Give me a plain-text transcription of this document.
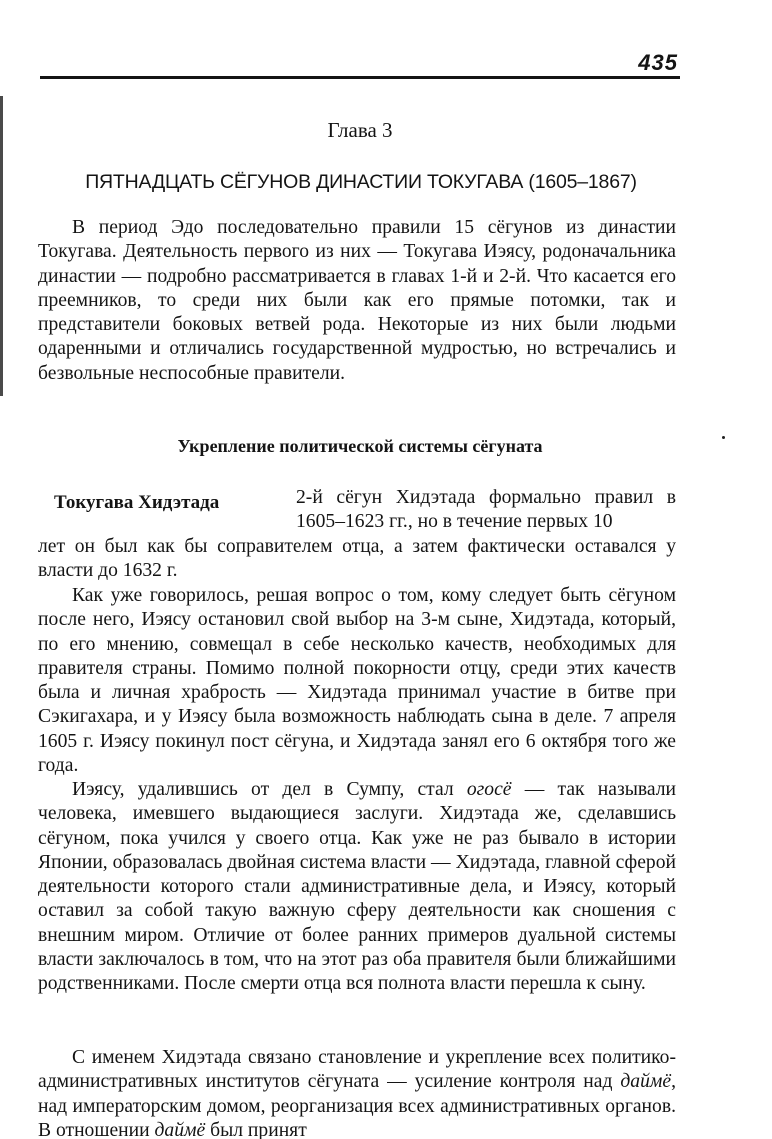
435
Глава 3
ПЯТНАДЦАТЬ СЁГУНОВ ДИНАСТИИ ТОКУГАВА (1605–1867)

В период Эдо последовательно правили 15 сёгунов из династии Токугава. Деятельность первого из них — Токугава Иэясу, родоначальника династии — подробно рассматривается в главах 1-й и 2-й. Что касается его преемников, то среди них были как его прямые потомки, так и представители боковых ветвей рода. Некоторые из них были людьми одаренными и отличались государственной мудростью, но встречались и безвольные неспособные правители.

Укрепление политической системы сёгуната
Токугава Хидэтада	2-й сёгун Хидэтада формально правил в 1605–1623 гг., но в течение первых 10

лет он был как бы соправителем отца, а затем фактически оставался у власти до 1632 г.

Как уже говорилось, решая вопрос о том, кому следует быть сёгуном после него, Иэясу остановил свой выбор на 3-м сыне, Хидэтада, который, по его мнению, совмещал в себе несколько качеств, необходимых для правителя страны. Помимо полной покорности отцу, среди этих качеств была и личная храбрость — Хидэтада принимал участие в битве при Сэкигахара, и у Иэясу была возможность наблюдать сына в деле. 7 апреля 1605 г. Иэясу покинул пост сёгуна, и Хидэтада занял его 6 октября того же года.

Иэясу, удалившись от дел в Сумпу, стал огосё — так называли человека, имевшего выдающиеся заслуги. Хидэтада же, сделавшись сёгуном, пока учился у своего отца. Как уже не раз бывало в истории Японии, образовалась двойная система власти — Хидэтада, главной сферой деятельности которого стали административные дела, и Иэясу, который оставил за собой такую важную сферу деятельности как сношения с внешним миром. Отличие от более ранних примеров дуальной системы власти заключалось в том, что на этот раз оба правителя были ближайшими родственниками. После смерти отца вся полнота власти перешла к сыну.

С именем Хидэтада связано становление и укрепление всех политико-административных институтов сёгуната — усиление контроля над даймё, над императорским домом, реорганизация всех административных органов. В отношении даймё был принят
